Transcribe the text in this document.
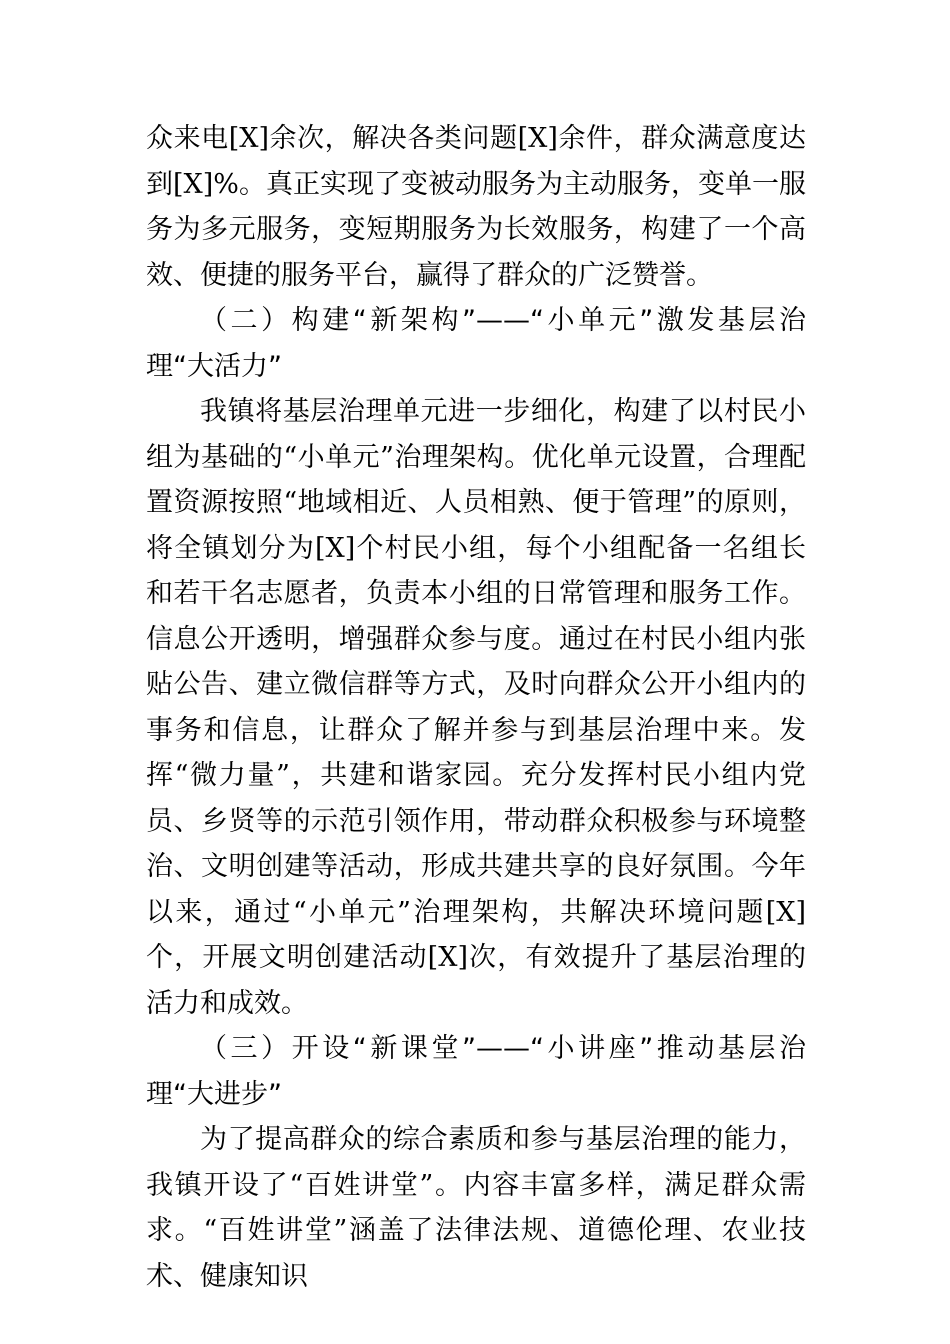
众来电[X]余次，解决各类问题[X]余件，群众满意度达到[X]%。真正实现了变被动服务为主动服务，变单一服务为多元服务，变短期服务为长效服务，构建了一个高效、便捷的服务平台，赢得了群众的广泛赞誉。

（二）构建“新架构”——“小单元”激发基层治理“大活力”

我镇将基层治理单元进一步细化，构建了以村民小组为基础的“小单元”治理架构。优化单元设置，合理配置资源按照“地域相近、人员相熟、便于管理”的原则，将全镇划分为[X]个村民小组，每个小组配备一名组长和若干名志愿者，负责本小组的日常管理和服务工作。信息公开透明，增强群众参与度。通过在村民小组内张贴公告、建立微信群等方式，及时向群众公开小组内的事务和信息，让群众了解并参与到基层治理中来。发挥“微力量”，共建和谐家园。充分发挥村民小组内党员、乡贤等的示范引领作用，带动群众积极参与环境整治、文明创建等活动，形成共建共享的良好氛围。今年以来，通过“小单元”治理架构，共解决环境问题[X]个，开展文明创建活动[X]次，有效提升了基层治理的活力和成效。

（三）开设“新课堂”——“小讲座”推动基层治理“大进步”

为了提高群众的综合素质和参与基层治理的能力，我镇开设了“百姓讲堂”。内容丰富多样，满足群众需求。“百姓讲堂”涵盖了法律法规、道德伦理、农业技术、健康知识
